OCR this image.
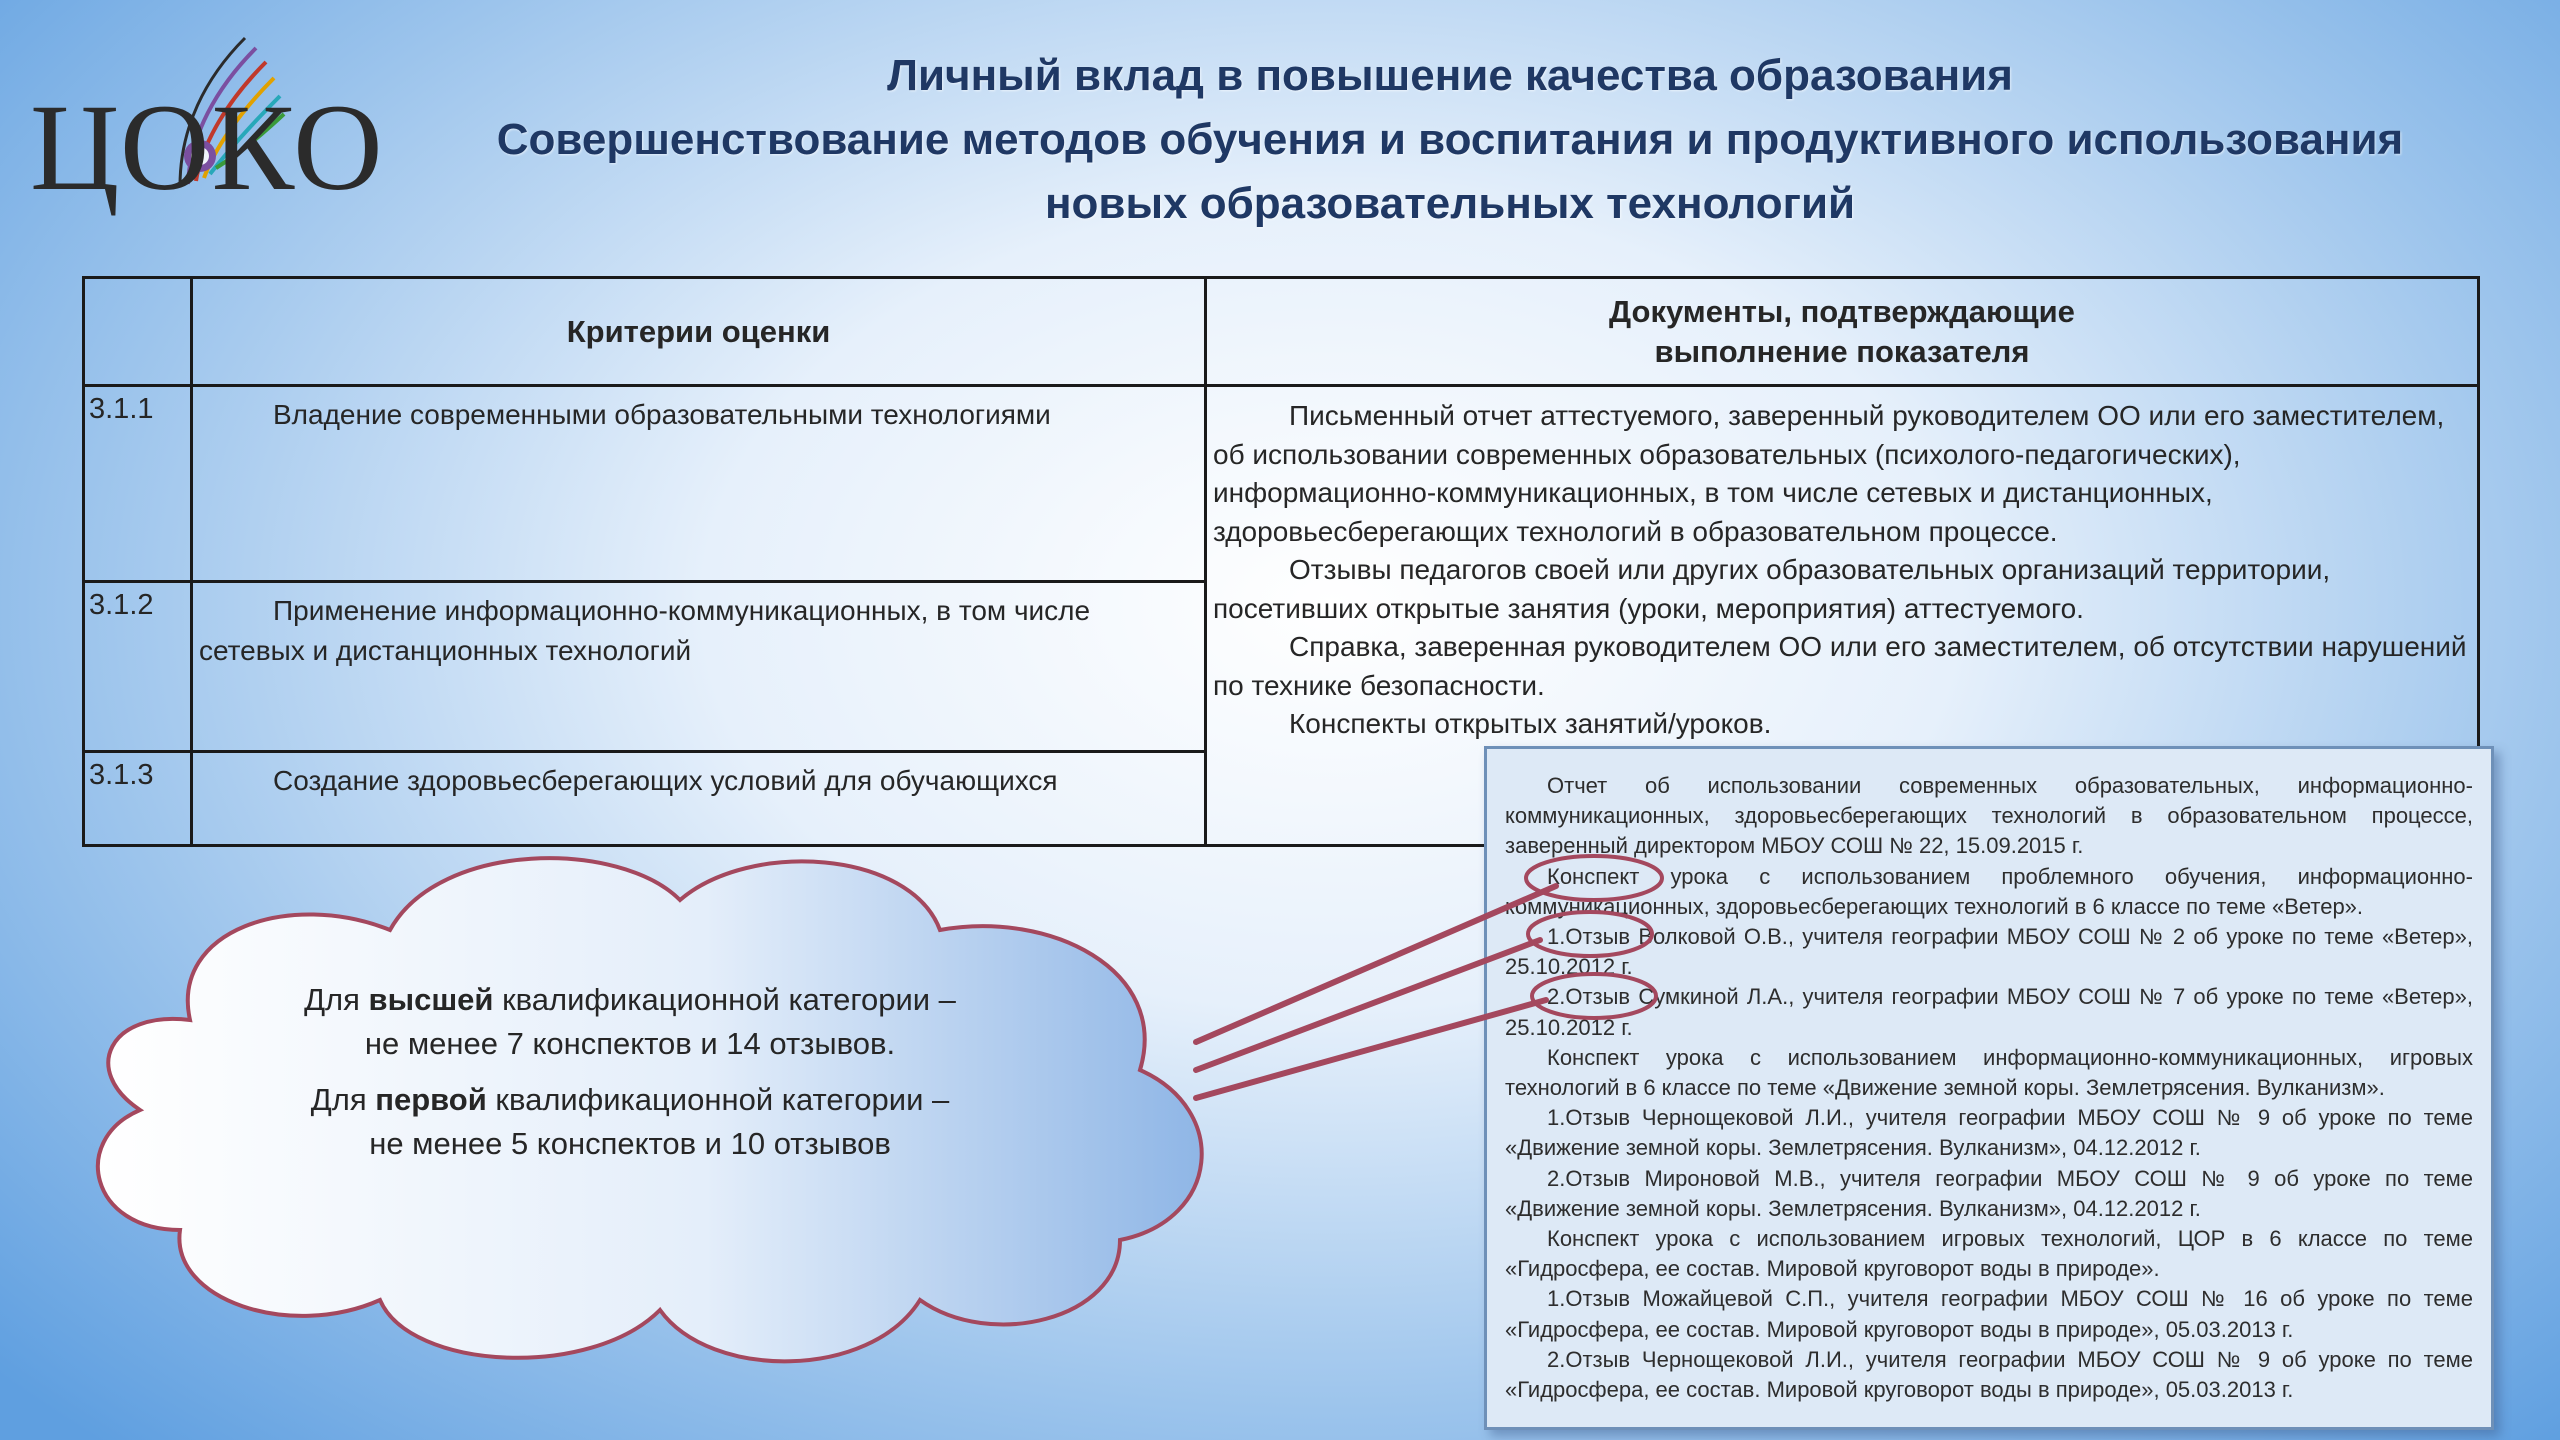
ЦОКО
Личный вклад в повышение качества образования
Совершенствование методов обучения и воспитания и продуктивного использования
новых образовательных технологий
	Критерии оценки	Документы, подтверждающие
выполнение показателя

3.1.1	Владение современными образовательными технологиями	Письменный отчет аттестуемого, заверенный руководителем ОО или его заместителем, об использовании современных образовательных (психолого-педагогических), информационно-коммуникационных, в том числе сетевых и дистанционных, здоровьесберегающих технологий в образовательном процессе.

Отзывы педагогов своей или других образовательных организаций территории, посетивших открытые занятия (уроки, мероприятия) аттестуемого.

Справка, заверенная руководителем ОО или его заместителем, об отсутствии нарушений по технике безопасности.

Конспекты открытых занятий/уроков.

3.1.2	Применение информационно-коммуникационных, в том числе
сетевых и дистанционных технологий	

3.1.3	Создание здоровьесберегающих условий для обучающихся	

Для высшей квалификационной категории –
не менее 7 конспектов и 14 отзывов.

Для первой квалификационной категории –
не менее 5 конспектов и 10 отзывов

Отчет об использовании современных образовательных, информационно-коммуникационных, здоровьесберегающих технологий в образовательном процессе, заверенный директором МБОУ СОШ № 22, 15.09.2015 г.

Конспект урока с использованием проблемного обучения, информационно-коммуникационных, здоровьесберегающих технологий в 6 классе по теме «Ветер».

1.Отзыв Волковой О.В., учителя географии МБОУ СОШ № 2 об уроке по теме «Ветер», 25.10.2012 г.

2.Отзыв Сумкиной Л.А., учителя географии МБОУ СОШ № 7 об уроке по теме «Ветер», 25.10.2012 г.

Конспект урока с использованием информационно-коммуникационных, игровых технологий в 6 классе по теме «Движение земной коры. Землетрясения. Вулканизм».

1.Отзыв Чернощековой Л.И., учителя географии МБОУ СОШ № 9 об уроке по теме «Движение земной коры. Землетрясения. Вулканизм», 04.12.2012 г.

2.Отзыв Мироновой М.В., учителя географии МБОУ СОШ № 9 об уроке по теме «Движение земной коры. Землетрясения. Вулканизм», 04.12.2012 г.

Конспект урока с использованием игровых технологий, ЦОР в 6 классе по теме «Гидросфера, ее состав. Мировой круговорот воды в природе».

1.Отзыв Можайцевой С.П., учителя географии МБОУ СОШ № 16 об уроке по теме «Гидросфера, ее состав. Мировой круговорот воды в природе», 05.03.2013 г.

2.Отзыв Чернощековой Л.И., учителя географии МБОУ СОШ № 9 об уроке по теме «Гидросфера, ее состав. Мировой круговорот воды в природе», 05.03.2013 г.
